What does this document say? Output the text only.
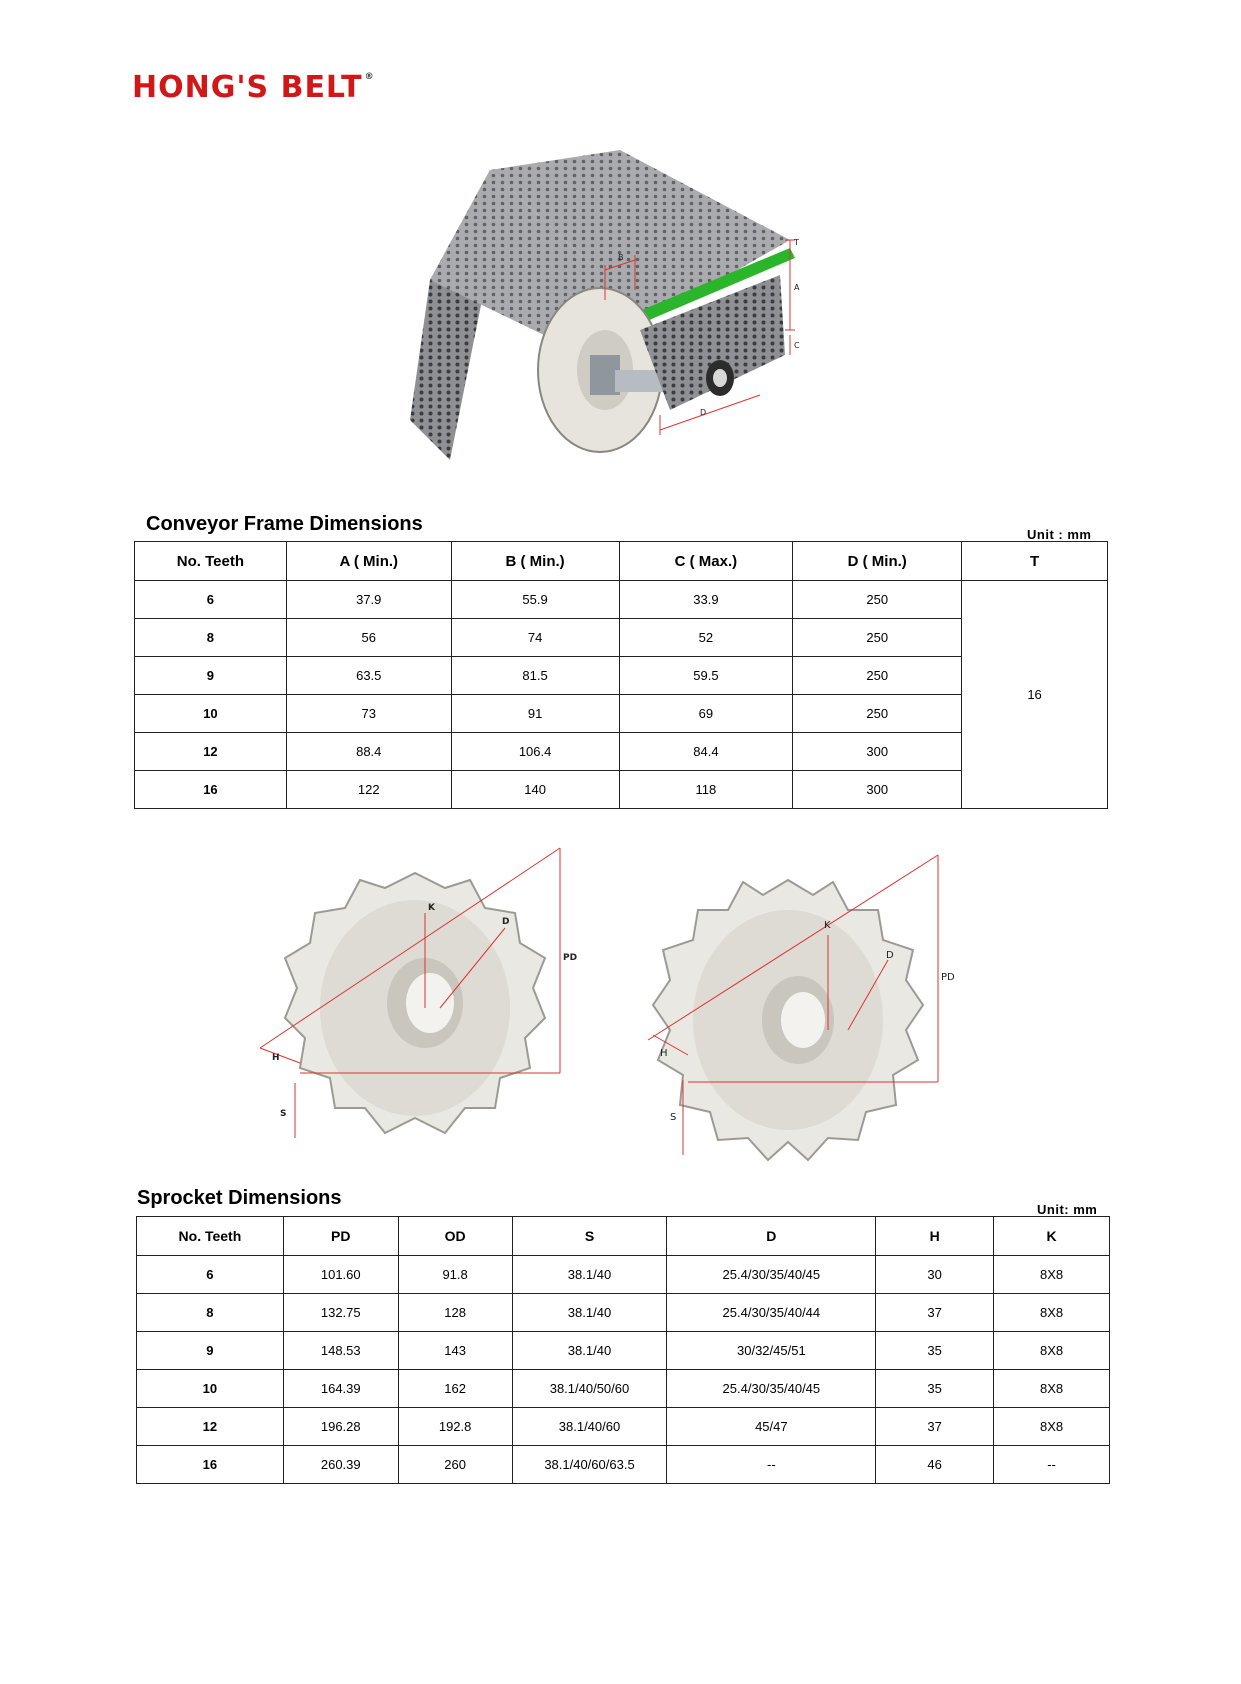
HONG'S BELT ®
T
A
C
B
D
Conveyor Frame Dimensions	Unit : mm
No. Teeth	A ( Min.)	B ( Min.)	C ( Max.)	D ( Min.)	T
6	37.9	55.9	33.9	250	16
8	56	74	52	250	
9	63.5	81.5	59.5	250	
10	73	91	69	250	
12	88.4	106.4	84.4	300	
16	122	140	118	300	
K
D
PD
H
S
K
D
PD
H
S
Sprocket Dimensions
Unit: mm
No. Teeth	PD	OD	S	D	H	K
6	101.60	91.8	38.1/40	25.4/30/35/40/45	30	8X8
8	132.75	128	38.1/40	25.4/30/35/40/44	37	8X8
9	148.53	143	38.1/40	30/32/45/51	35	8X8
10	164.39	162	38.1/40/50/60	25.4/30/35/40/45	35	8X8
12	196.28	192.8	38.1/40/60	45/47	37	8X8
16	260.39	260	38.1/40/60/63.5	--	46	--
